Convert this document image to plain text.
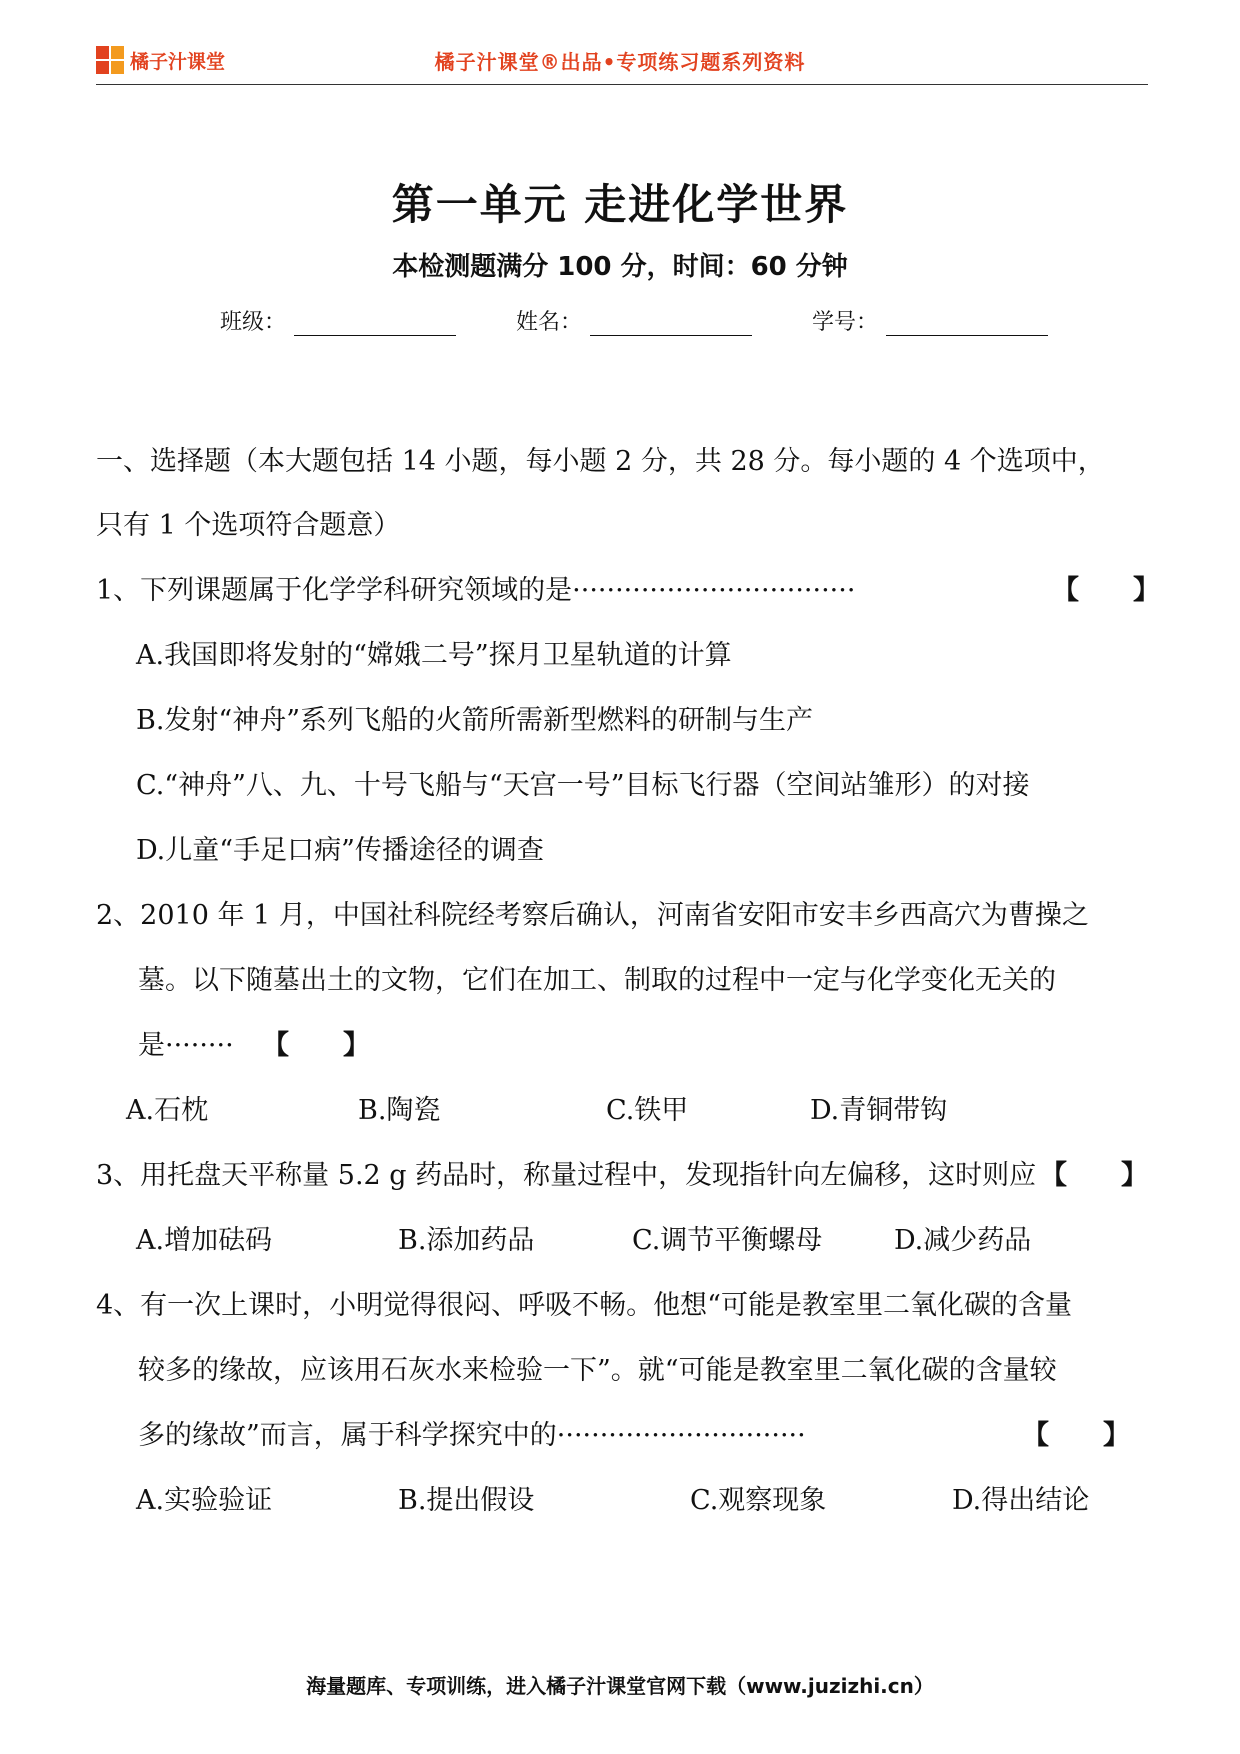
橘子汁课堂	橘子汁课堂®出品•专项练习题系列资料
第一单元 走进化学世界
本检测题满分 100 分，时间：60 分钟
班级：	姓名：	学号：
一、选择题（本大题包括 14 小题，每小题 2 分，共 28 分。每小题的 4 个选项中，
只有 1 个选项符合题意）
1、下列课题属于化学学科研究领域的是·································	【　　】
A.我国即将发射的“嫦娥二号”探月卫星轨道的计算
B.发射“神舟”系列飞船的火箭所需新型燃料的研制与生产
C.“神舟”八、九、十号飞船与“天宫一号”目标飞行器（空间站雏形）的对接
D.儿童“手足口病”传播途径的调查
2、2010 年 1 月，中国社科院经考察后确认，河南省安阳市安丰乡西高穴为曹操之
墓。以下随墓出土的文物，它们在加工、制取的过程中一定与化学变化无关的
是········ 【　　】
A.石枕	B.陶瓷	C.铁甲	D.青铜带钩
3、用托盘天平称量 5.2 g 药品时，称量过程中，发现指针向左偏移，这时则应 【　　】
A.增加砝码	B.添加药品	C.调节平衡螺母	D.减少药品
4、有一次上课时，小明觉得很闷、呼吸不畅。他想“可能是教室里二氧化碳的含量
较多的缘故，应该用石灰水来检验一下”。就“可能是教室里二氧化碳的含量较
多的缘故”而言，属于科学探究中的·····························	【　　】
A.实验验证	B.提出假设	C.观察现象	D.得出结论
海量题库、专项训练，进入橘子汁课堂官网下载（www.juzizhi.cn）
